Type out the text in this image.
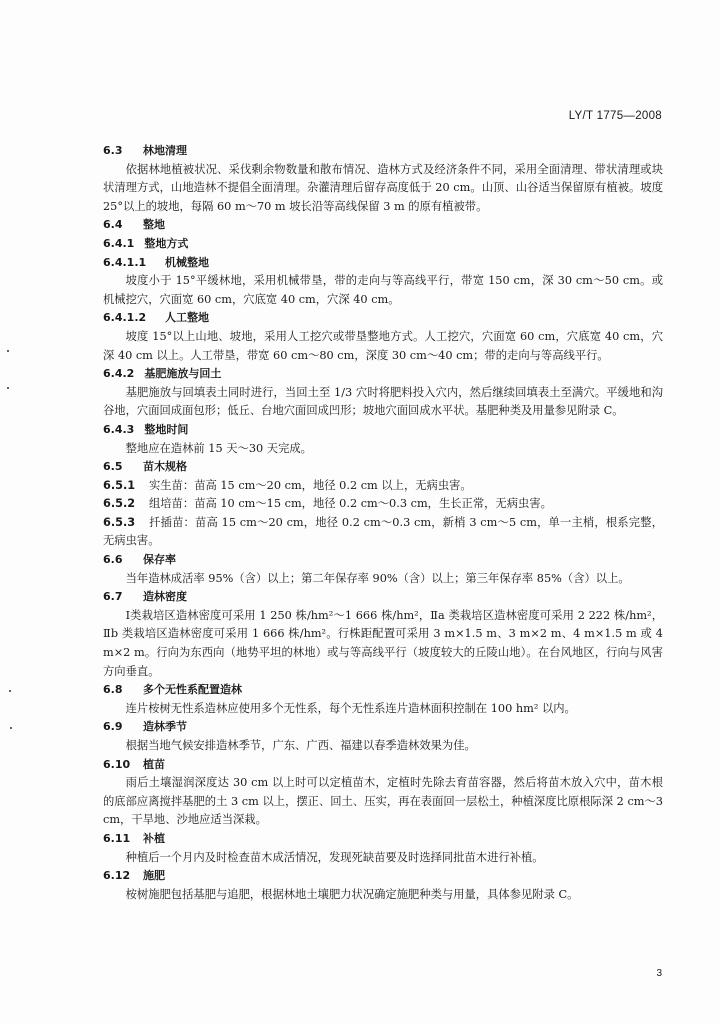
LY/T 1775—2008

6.3 林地清理

依据林地植被状况、采伐剩余物数量和散布情况、造林方式及经济条件不同，采用全面清理、带状清理或块状清理方式，山地造林不提倡全面清理。杂灌清理后留存高度低于 20 cm。山顶、山谷适当保留原有植被。坡度 25°以上的坡地，每隔 60 m～70 m 坡长沿等高线保留 3 m 的原有植被带。

6.4 整地

6.4.1 整地方式

6.4.1.1 机械整地

坡度小于 15°平缓林地，采用机械带垦，带的走向与等高线平行，带宽 150 cm，深 30 cm～50 cm。或机械挖穴，穴面宽 60 cm，穴底宽 40 cm，穴深 40 cm。

6.4.1.2 人工整地

坡度 15°以上山地、坡地，采用人工挖穴或带垦整地方式。人工挖穴，穴面宽 60 cm，穴底宽 40 cm，穴深 40 cm 以上。人工带垦，带宽 60 cm～80 cm，深度 30 cm～40 cm；带的走向与等高线平行。

6.4.2 基肥施放与回土

基肥施放与回填表土同时进行，当回土至 1/3 穴时将肥料投入穴内，然后继续回填表土至满穴。平缓地和沟谷地，穴面回成面包形；低丘、台地穴面回成凹形；坡地穴面回成水平状。基肥种类及用量参见附录 C。

6.4.3 整地时间

整地应在造林前 15 天～30 天完成。

6.5 苗木规格

6.5.1 实生苗：苗高 15 cm～20 cm，地径 0.2 cm 以上，无病虫害。

6.5.2 组培苗：苗高 10 cm～15 cm，地径 0.2 cm～0.3 cm，生长正常，无病虫害。

6.5.3 扦插苗：苗高 15 cm～20 cm，地径 0.2 cm～0.3 cm，新梢 3 cm～5 cm，单一主梢，根系完整，无病虫害。

6.6 保存率

当年造林成活率 95%（含）以上；第二年保存率 90%（含）以上；第三年保存率 85%（含）以上。

6.7 造林密度

Ⅰ类栽培区造林密度可采用 1 250 株/hm²～1 666 株/hm²，Ⅱa 类栽培区造林密度可采用 2 222 株/hm²，Ⅱb 类栽培区造林密度可采用 1 666 株/hm²。行株距配置可采用 3 m×1.5 m、3 m×2 m、4 m×1.5 m 或 4 m×2 m。行向为东西向（地势平坦的林地）或与等高线平行（坡度较大的丘陵山地）。在台风地区，行向与风害方向垂直。

6.8 多个无性系配置造林

连片桉树无性系造林应使用多个无性系，每个无性系连片造林面积控制在 100 hm² 以内。

6.9 造林季节

根据当地气候安排造林季节，广东、广西、福建以春季造林效果为佳。

6.10 植苗

雨后土壤湿润深度达 30 cm 以上时可以定植苗木，定植时先除去育苗容器，然后将苗木放入穴中，苗木根的底部应离搅拌基肥的土 3 cm 以上，摆正、回土、压实，再在表面回一层松土，种植深度比原根际深 2 cm～3 cm，干旱地、沙地应适当深栽。

6.11 补植

种植后一个月内及时检查苗木成活情况，发现死缺苗要及时选择同批苗木进行补植。

6.12 施肥

桉树施肥包括基肥与追肥，根据林地土壤肥力状况确定施肥种类与用量，具体参见附录 C。

3
